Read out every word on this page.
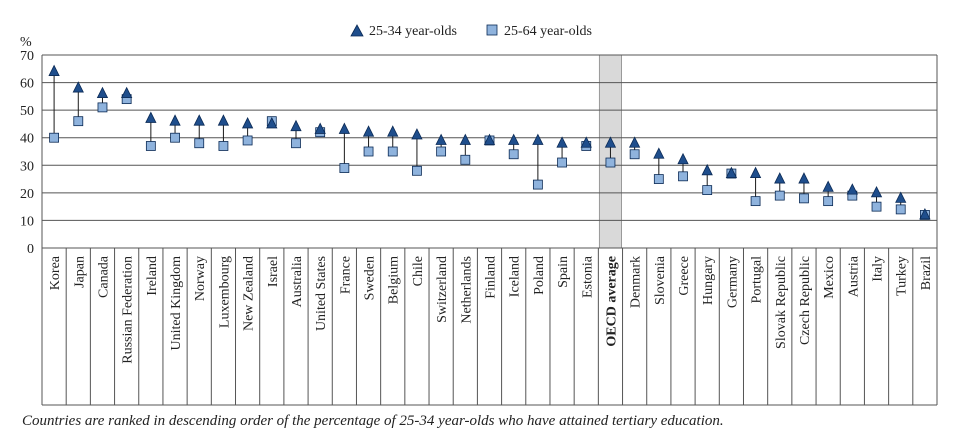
25-34 year-olds	25-64 year-olds
%
0
10
20
30
40
50
60
70
Korea Japan Canada Russian Federation Ireland United Kingdom Norway Luxembourg New Zealand Israel Australia United States France Sweden Belgium Chile Switzerland Netherlands Finland Iceland Poland Spain Estonia OECD average Denmark Slovenia Greece Hungary Germany Portugal Slovak Republic Czech Republic Mexico Austria Italy Turkey Brazil
Countries are ranked in descending order of the percentage of 25-34 year-olds who have attained tertiary education.
